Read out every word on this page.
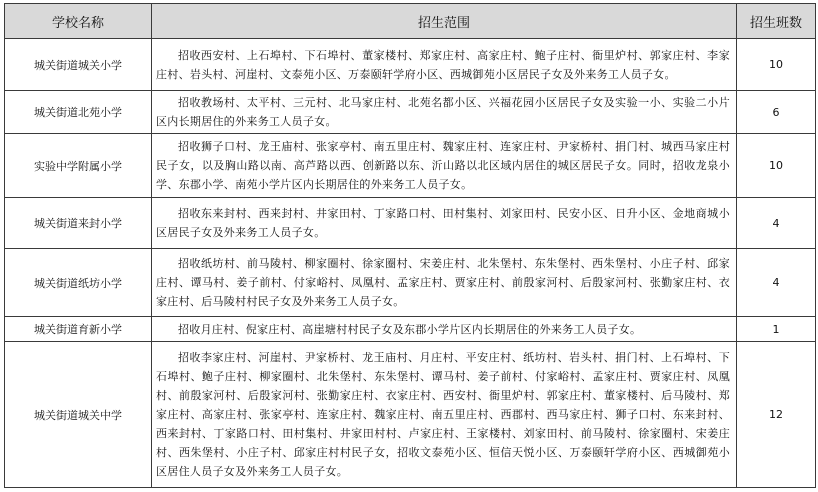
学校名称	招生范围	招生班数
城关街道城关小学	招收西安村、上石埠村、下石埠村、董家楼村、郑家庄村、高家庄村、鲍子庄村、衙里炉村、郭家庄村、李家庄村、岩头村、河崖村、文泰苑小区、万泰颐轩学府小区、西城御苑小区居民子女及外来务工人员子女。	10
城关街道北苑小学	招收教场村、太平村、三元村、北马家庄村、北苑名都小区、兴福花园小区居民子女及实验一小、实验二小片区内长期居住的外来务工人员子女。	6
实验中学附属小学	招收狮子口村、龙王庙村、张家亭村、南五里庄村、魏家庄村、连家庄村、尹家桥村、捐门村、城西马家庄村民子女，以及胸山路以南、高芦路以西、创新路以东、沂山路以北区域内居住的城区居民子女。同时，招收龙泉小学、东郡小学、南苑小学片区内长期居住的外来务工人员子女。	10
城关街道来封小学	招收东来封村、西来封村、井家田村、丁家路口村、田村集村、刘家田村、民安小区、日升小区、金地商城小区居民子女及外来务工人员子女。	4
城关街道纸坊小学	招收纸坊村、前马陵村、柳家圈村、徐家圈村、宋姜庄村、北朱堡村、东朱堡村、西朱堡村、小庄子村、邱家庄村、谭马村、姜子前村、付家峪村、凤凰村、孟家庄村、贾家庄村、前殷家河村、后殷家河村、张勤家庄村、衣家庄村、后马陵村村民子女及外来务工人员子女。	4
城关街道育新小学	招收月庄村、倪家庄村、高崖塘村村民子女及东郡小学片区内长期居住的外来务工人员子女。	1
城关街道城关中学	招收李家庄村、河崖村、尹家桥村、龙王庙村、月庄村、平安庄村、纸坊村、岩头村、捐门村、上石埠村、下石埠村、鲍子庄村、柳家圈村、北朱堡村、东朱堡村、谭马村、姜子前村、付家峪村、孟家庄村、贾家庄村、凤凰村、前殷家河村、后殷家河村、张勤家庄村、衣家庄村、西安村、衙里炉村、郭家庄村、董家楼村、后马陵村、郑家庄村、高家庄村、张家亭村、连家庄村、魏家庄村、南五里庄村、西郡村、西马家庄村、狮子口村、东来封村、西来封村、丁家路口村、田村集村、井家田村村、卢家庄村、王家楼村、刘家田村、前马陵村、徐家圈村、宋姜庄村、西朱堡村、小庄子村、邱家庄村村民子女，招收文泰苑小区、恒信天悦小区、万泰颐轩学府小区、西城御苑小区居住人员子女及外来务工人员子女。	12
